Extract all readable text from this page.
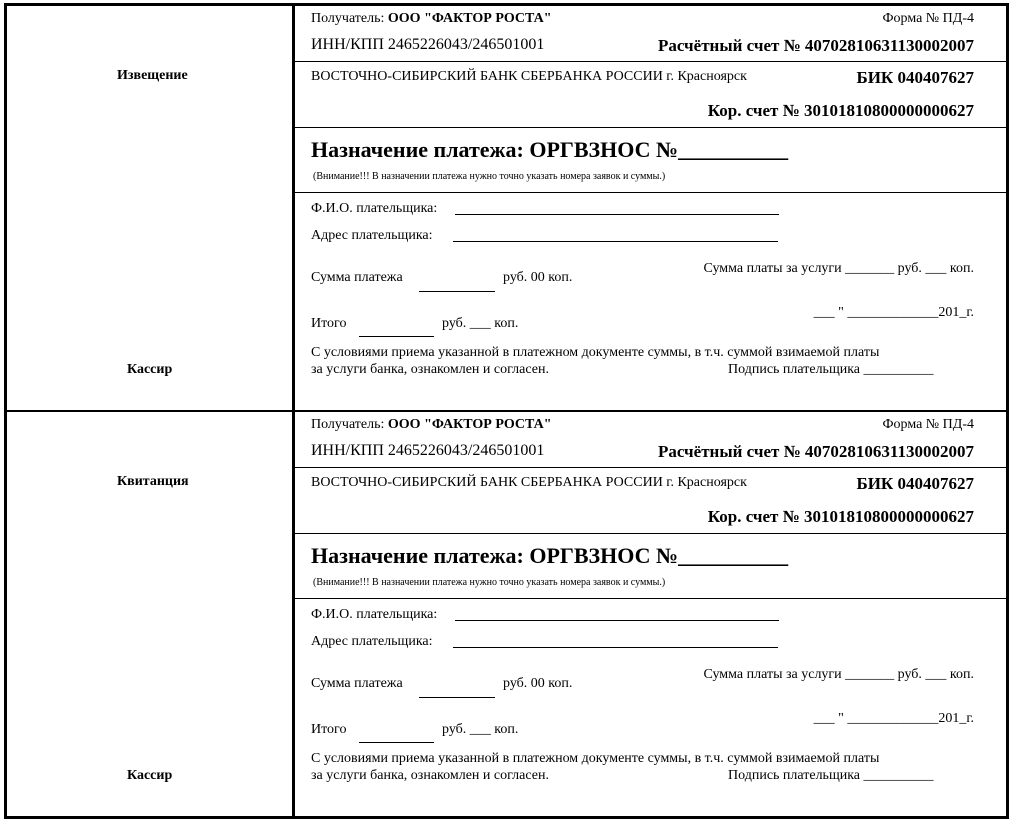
Извещение
Кассир
Получатель: ООО "ФАКТОР РОСТА"	Форма № ПД-4
ИНН/КПП 2465226043/246501001	Расчётный счет № 40702810631130002007
ВОСТОЧНО-СИБИРСКИЙ БАНК СБЕРБАНКА РОССИИ г. Красноярск	БИК 040407627
Кор. счет № 30101810800000000627
Назначение платежа: ОРГВЗНОС №__________
(Внимание!!! В назначении платежа нужно точно указать номера заявок и суммы.)
Ф.И.О. плательщика:
Адрес плательщика:
Сумма платежа	руб. 00 коп.
Сумма платы за услуги _______ руб. ___ коп.
___ " _____________201_г.
Итого	руб. ___ коп.
С условиями приема указанной в платежном документе суммы, в т.ч. суммой взимаемой платы
за услуги банка, ознакомлен и согласен.	Подпись плательщика __________
Квитанция
Кассир
Получатель: ООО "ФАКТОР РОСТА"	Форма № ПД-4
ИНН/КПП 2465226043/246501001	Расчётный счет № 40702810631130002007
ВОСТОЧНО-СИБИРСКИЙ БАНК СБЕРБАНКА РОССИИ г. Красноярск	БИК 040407627
Кор. счет № 30101810800000000627
Назначение платежа: ОРГВЗНОС №__________
(Внимание!!! В назначении платежа нужно точно указать номера заявок и суммы.)
Ф.И.О. плательщика:
Адрес плательщика:
Сумма платежа	руб. 00 коп.
Сумма платы за услуги _______ руб. ___ коп.
___ " _____________201_г.
Итого	руб. ___ коп.
С условиями приема указанной в платежном документе суммы, в т.ч. суммой взимаемой платы
за услуги банка, ознакомлен и согласен.	Подпись плательщика __________
